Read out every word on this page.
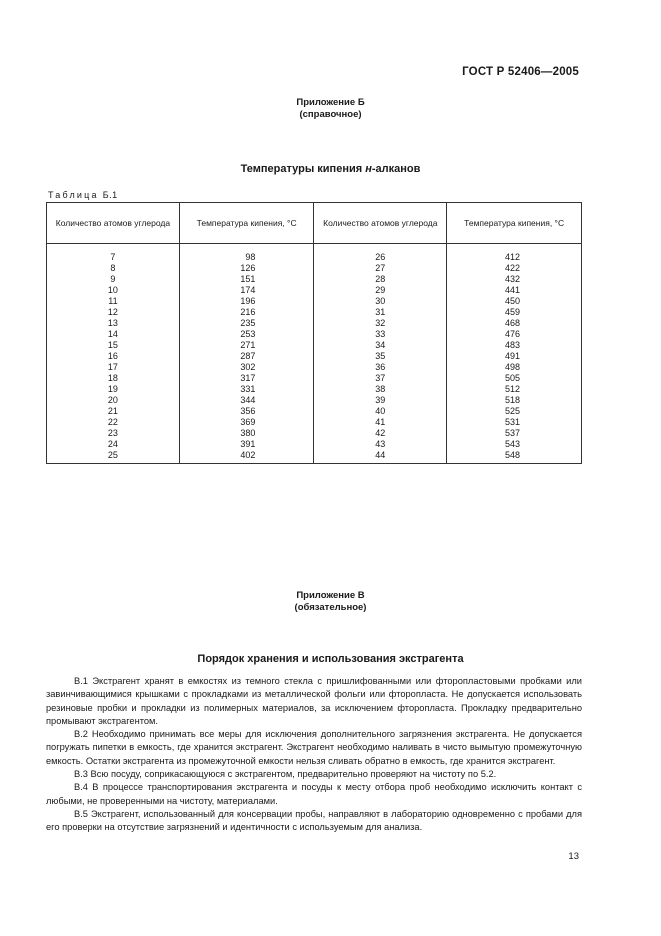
ГОСТ Р 52406—2005
Приложение Б
(справочное)
Температуры кипения н-алканов
Таблица Б.1
Количество атомов углерода	Температура кипения, °С	Количество атомов углерода	Температура кипения, °С
7	98	26	412
8	126	27	422
9	151	28	432
10	174	29	441
11	196	30	450
12	216	31	459
13	235	32	468
14	253	33	476
15	271	34	483
16	287	35	491
17	302	36	498
18	317	37	505
19	331	38	512
20	344	39	518
21	356	40	525
22	369	41	531
23	380	42	537
24	391	43	543
25	402	44	548
Приложение В
(обязательное)
Порядок хранения и использования экстрагента

В.1 Экстрагент хранят в емкостях из темного стекла с пришлифованными или фторопластовыми пробками или завинчивающимися крышками с прокладками из металлической фольги или фторопласта. Не допускается использовать резиновые пробки и прокладки из полимерных материалов, за исключением фторопласта. Прокладку предварительно промывают экстрагентом.

В.2 Необходимо принимать все меры для исключения дополнительного загрязнения экстрагента. Не допускается погружать пипетки в емкость, где хранится экстрагент. Экстрагент необходимо наливать в чисто вымытую промежуточную емкость. Остатки экстрагента из промежуточной емкости нельзя сливать обратно в емкость, где хранится экстрагент.

В.3 Всю посуду, соприкасающуюся с экстрагентом, предварительно проверяют на чистоту по 5.2.

В.4 В процессе транспортирования экстрагента и посуды к месту отбора проб необходимо исключить контакт с любыми, не проверенными на чистоту, материалами.

В.5 Экстрагент, использованный для консервации пробы, направляют в лабораторию одновременно с пробами для его проверки на отсутствие загрязнений и идентичности с используемым для анализа.

13
